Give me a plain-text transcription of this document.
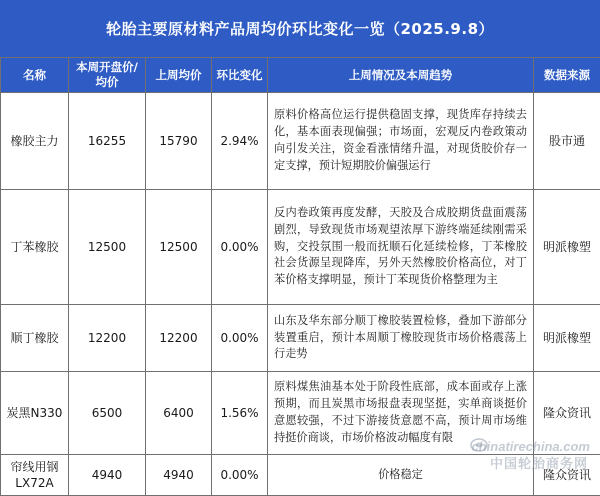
轮胎主要原材料产品周均价环比变化一览（2025.9.8）
名称	本周开盘价/
均价	上周均价	环比变化	上周情况及本周趋势	数据来源
橡胶主力	16255	15790	2.94%	原料价格高位运行提供稳固支撑，现货库存持续去化，基本面表现偏强；市场面，宏观反内卷政策动向引发关注，资金看涨情绪升温，对现货胶价存一定支撑，预计短期胶价偏强运行	股市通
丁苯橡胶	12500	12500	0.00%	反内卷政策再度发酵，天胶及合成胶期货盘面震荡剧烈，导致现货市场观望浓厚下游终端延续刚需采购，交投氛围一般而抚顺石化延续检修，丁苯橡胶社会货源呈现降库，另外天然橡胶价格高位，对丁苯价格支撑明显，预计丁苯现货价格整理为主	明派橡塑
顺丁橡胶	12200	12200	0.00%	山东及华东部分顺丁橡胶装置检修，叠加下游部分装置重启，预计本周顺丁橡胶现货市场价格震荡上行走势	明派橡塑
炭黑N330	6500	6400	1.56%	原料煤焦油基本处于阶段性底部，成本面或存上涨预期，而且炭黑市场报盘表现坚挺，实单商谈挺价意愿较强，不过下游接货意愿不高，预计周市场维持挺价商谈，市场价格波动幅度有限	隆众资讯
帘线用钢
LX72A	4940	4940	0.00%	价格稳定	隆众资讯
chinatirechina.com
中国轮胎商务网
